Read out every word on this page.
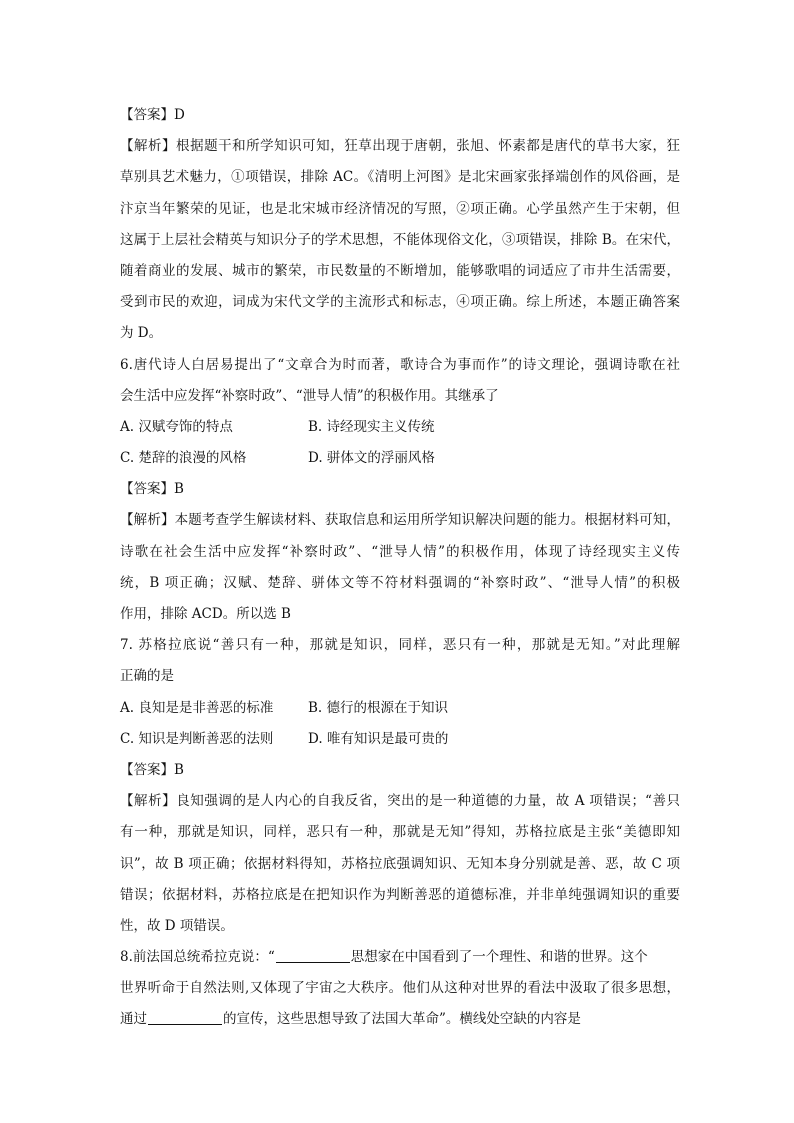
【答案】D
【解析】根据题干和所学知识可知，狂草出现于唐朝，张旭、怀素都是唐代的草书大家，狂
草别具艺术魅力，①项错误，排除 AC。《清明上河图》是北宋画家张择端创作的风俗画，是
汴京当年繁荣的见证，也是北宋城市经济情况的写照，②项正确。心学虽然产生于宋朝，但
这属于上层社会精英与知识分子的学术思想，不能体现俗文化，③项错误，排除 B。在宋代，
随着商业的发展、城市的繁荣，市民数量的不断增加，能够歌唱的词适应了市井生活需要，
受到市民的欢迎，词成为宋代文学的主流形式和标志，④项正确。综上所述，本题正确答案
为 D。
6.唐代诗人白居易提出了“文章合为时而著，歌诗合为事而作”的诗文理论，强调诗歌在社
会生活中应发挥“补察时政”、“泄导人情”的积极作用。其继承了
A. 汉赋夸饰的特点	B. 诗经现实主义传统
C. 楚辞的浪漫的风格	D. 骈体文的浮丽风格
【答案】B
【解析】本题考查学生解读材料、获取信息和运用所学知识解决问题的能力。根据材料可知，
诗歌在社会生活中应发挥“补察时政”、“泄导人情”的积极作用，体现了诗经现实主义传
统，B 项正确；汉赋、楚辞、骈体文等不符材料强调的“补察时政”、“泄导人情”的积极
作用，排除 ACD。所以选 B
7. 苏格拉底说“善只有一种，那就是知识，同样，恶只有一种，那就是无知。”对此理解
正确的是
A. 良知是是非善恶的标准	B. 德行的根源在于知识
C. 知识是判断善恶的法则	D. 唯有知识是最可贵的
【答案】B
【解析】良知强调的是人内心的自我反省，突出的是一种道德的力量，故 A 项错误；“善只
有一种，那就是知识，同样，恶只有一种，那就是无知”得知，苏格拉底是主张“美德即知
识”，故 B 项正确；依据材料得知，苏格拉底强调知识、无知本身分别就是善、恶，故 C 项
错误；依据材料，苏格拉底是在把知识作为判断善恶的道德标准，并非单纯强调知识的重要
性，故 D 项错误。
8.前法国总统希拉克说：“	思想家在中国看到了一个理性、和谐的世界。这个
世界听命于自然法则,又体现了宇宙之大秩序。他们从这种对世界的看法中汲取了很多思想，
通过	的宣传，这些思想导致了法国大革命”。横线处空缺的内容是
